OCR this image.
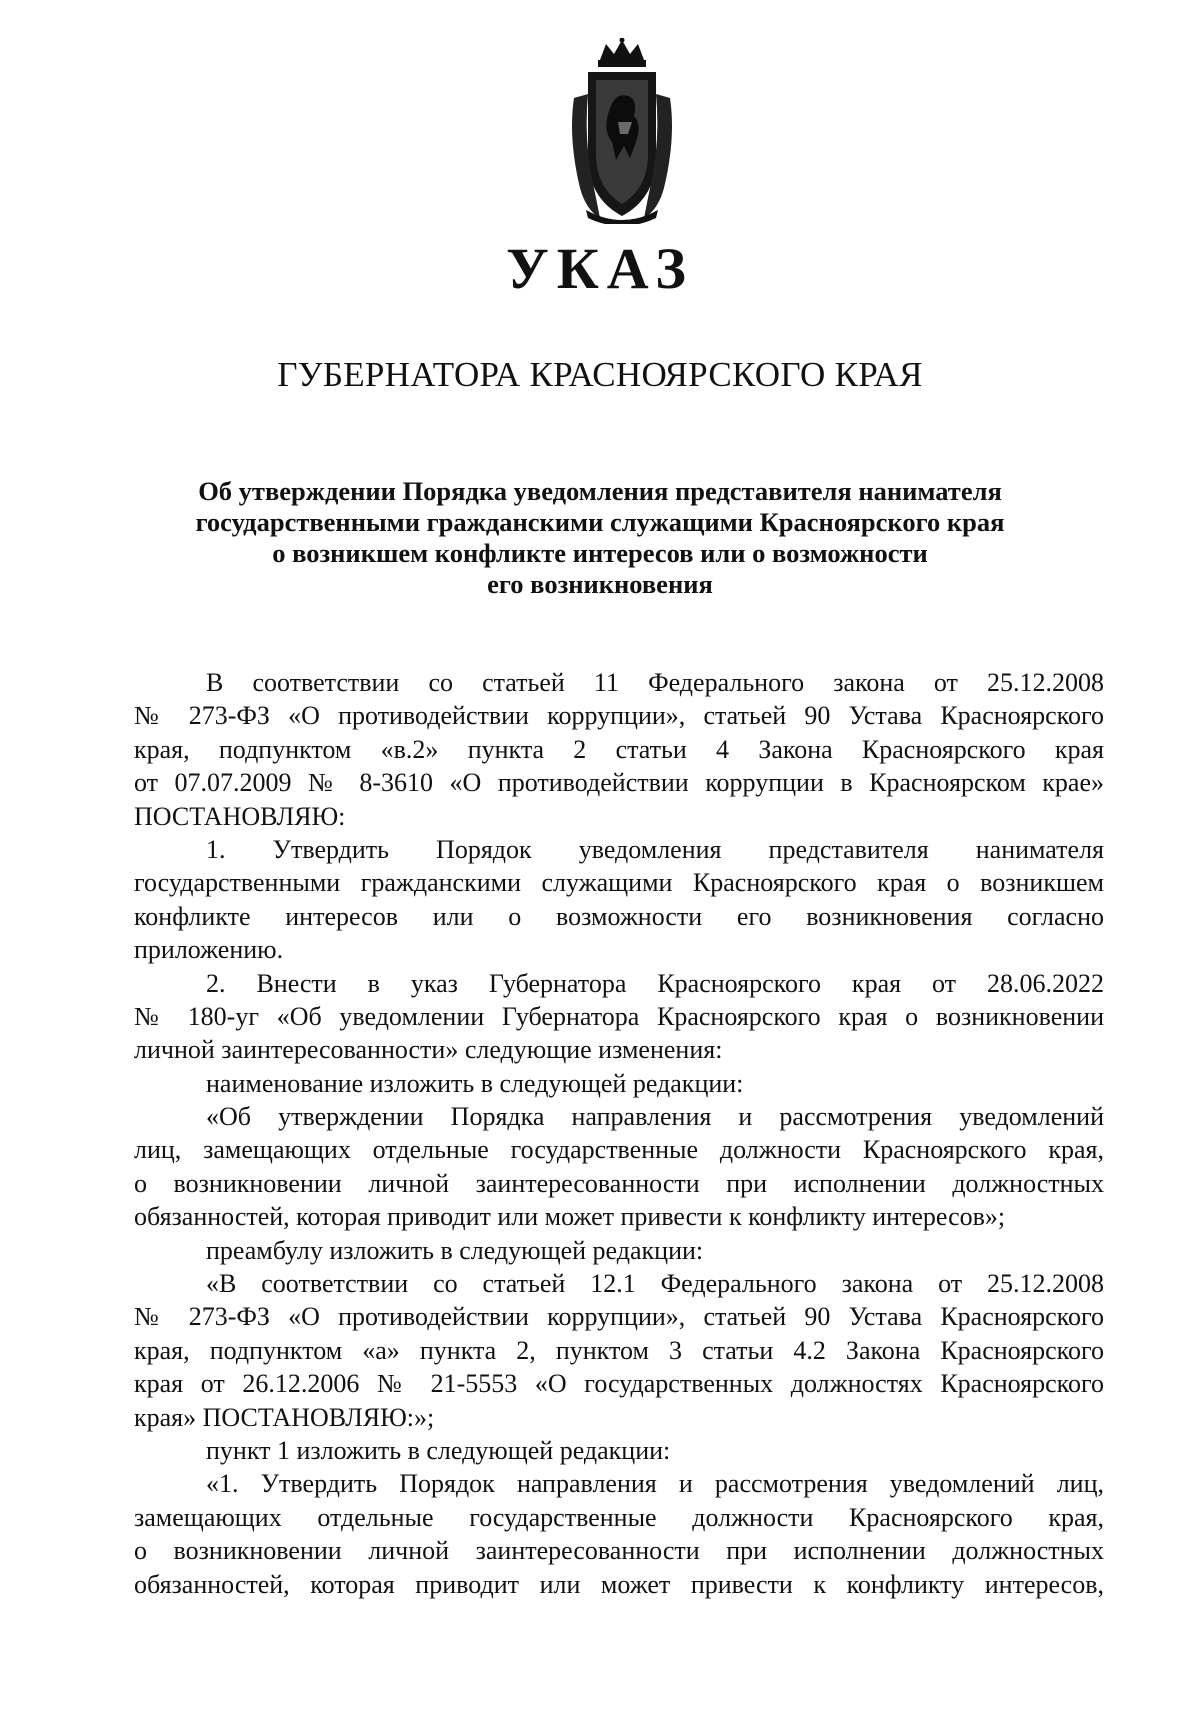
УКАЗ
ГУБЕРНАТОРА КРАСНОЯРСКОГО КРАЯ
Об утверждении Порядка уведомления представителя нанимателя
государственными гражданскими служащими Красноярского края
о возникшем конфликте интересов или о возможности
его возникновения
В соответствии со статьей 11 Федерального закона от 25.12.2008
№ 273-ФЗ «О противодействии коррупции», статьей 90 Устава Красноярского
края, подпунктом «в.2» пункта 2 статьи 4 Закона Красноярского края
от 07.07.2009 № 8-3610 «О противодействии коррупции в Красноярском крае»
ПОСТАНОВЛЯЮ:
1. Утвердить Порядок уведомления представителя нанимателя
государственными гражданскими служащими Красноярского края о возникшем
конфликте интересов или о возможности его возникновения согласно
приложению.
2. Внести в указ Губернатора Красноярского края от 28.06.2022
№ 180-уг «Об уведомлении Губернатора Красноярского края о возникновении
личной заинтересованности» следующие изменения:
наименование изложить в следующей редакции:
«Об утверждении Порядка направления и рассмотрения уведомлений
лиц, замещающих отдельные государственные должности Красноярского края,
о возникновении личной заинтересованности при исполнении должностных
обязанностей, которая приводит или может привести к конфликту интересов»;
преамбулу изложить в следующей редакции:
«В соответствии со статьей 12.1 Федерального закона от 25.12.2008
№ 273-ФЗ «О противодействии коррупции», статьей 90 Устава Красноярского
края, подпунктом «а» пункта 2, пунктом 3 статьи 4.2 Закона Красноярского
края от 26.12.2006 № 21-5553 «О государственных должностях Красноярского
края» ПОСТАНОВЛЯЮ:»;
пункт 1 изложить в следующей редакции:
«1. Утвердить Порядок направления и рассмотрения уведомлений лиц,
замещающих отдельные государственные должности Красноярского края,
о возникновении личной заинтересованности при исполнении должностных
обязанностей, которая приводит или может привести к конфликту интересов,
